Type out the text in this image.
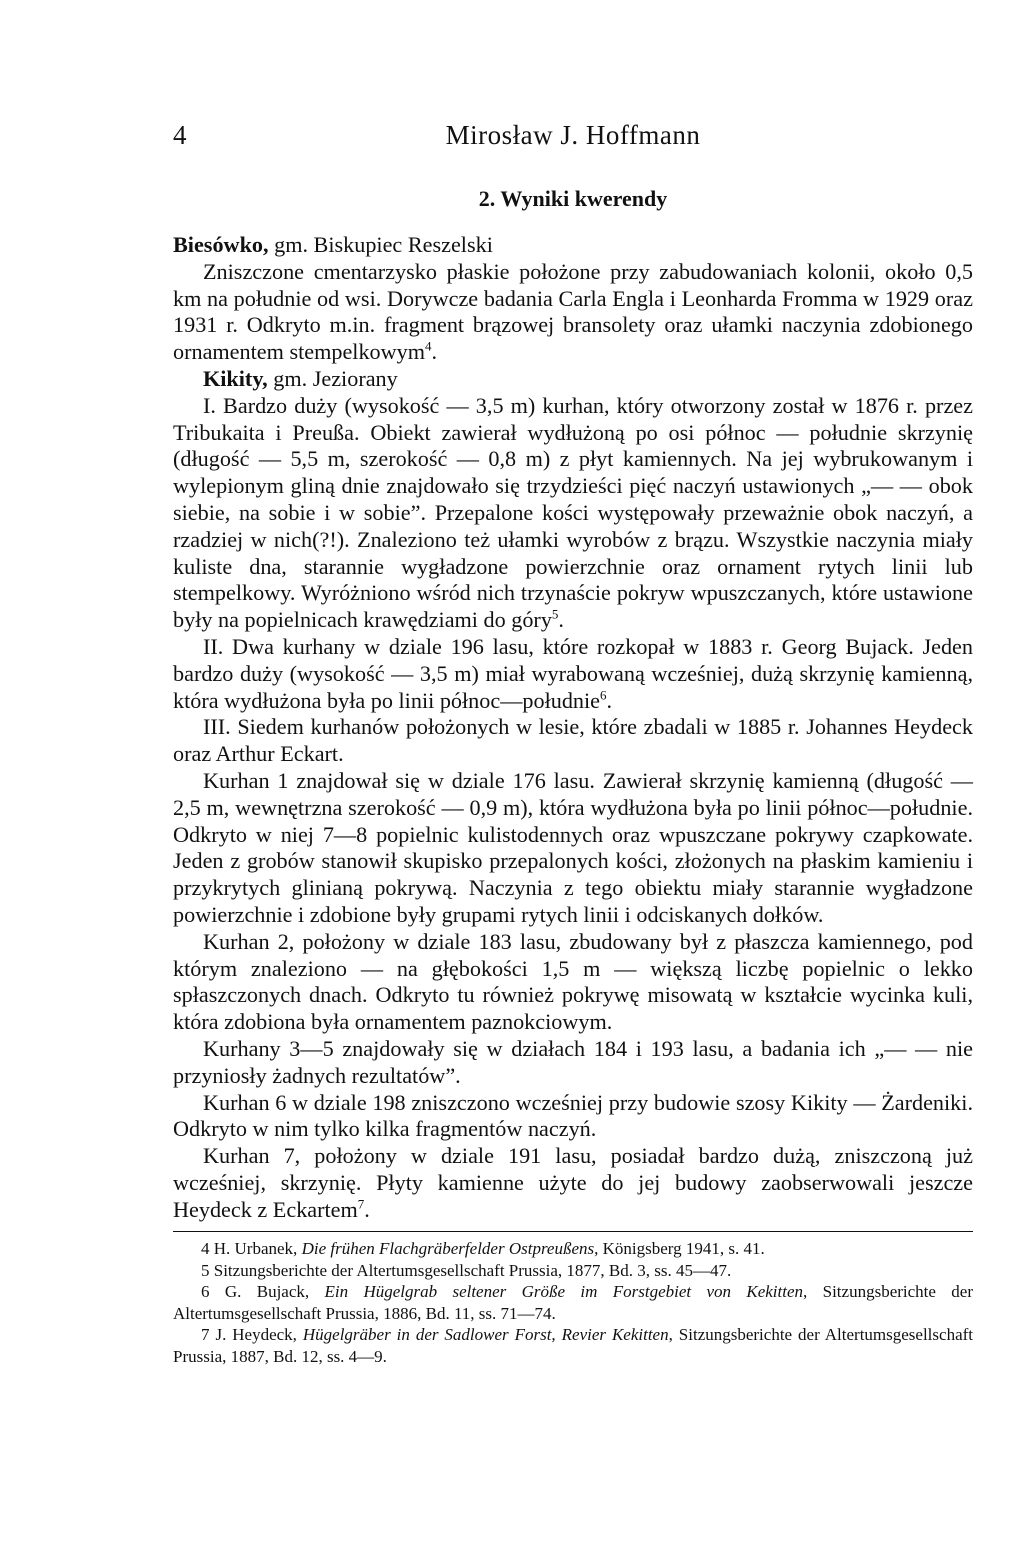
4	Mirosław J. Hoffmann
2. Wyniki kwerendy

Biesówko, gm. Biskupiec Reszelski

Zniszczone cmentarzysko płaskie położone przy zabudowaniach kolonii, około 0,5 km na południe od wsi. Dorywcze badania Carla Engla i Leonharda Fromma w 1929 oraz 1931 r. Odkryto m.in. fragment brązowej bransolety oraz ułamki naczynia zdobionego ornamentem stempelkowym$^4$.

Kikity, gm. Jeziorany

I. Bardzo duży (wysokość — 3,5 m) kurhan, który otworzony został w 1876 r. przez Tribukaita i Preußa. Obiekt zawierał wydłużoną po osi północ — południe skrzynię (długość — 5,5 m, szerokość — 0,8 m) z płyt kamiennych. Na jej wybrukowanym i wylepionym gliną dnie znajdowało się trzydzieści pięć naczyń ustawionych „— — obok siebie, na sobie i w sobie”. Przepalone kości występowały przeważnie obok naczyń, a rzadziej w nich(?!). Znaleziono też ułamki wyrobów z brązu. Wszystkie naczynia miały kuliste dna, starannie wygładzone powierzchnie oraz ornament rytych linii lub stempelkowy. Wyróżniono wśród nich trzynaście pokryw wpuszczanych, które ustawione były na popielnicach krawędziami do góry$^5$.

II. Dwa kurhany w dziale 196 lasu, które rozkopał w 1883 r. Georg Bujack. Jeden bardzo duży (wysokość — 3,5 m) miał wyrabowaną wcześniej, dużą skrzynię kamienną, która wydłużona była po linii północ—południe$^6$.

III. Siedem kurhanów położonych w lesie, które zbadali w 1885 r. Johannes Heydeck oraz Arthur Eckart.

Kurhan 1 znajdował się w dziale 176 lasu. Zawierał skrzynię kamienną (długość — 2,5 m, wewnętrzna szerokość — 0,9 m), która wydłużona była po linii północ—południe. Odkryto w niej 7—8 popielnic kulistodennych oraz wpuszczane pokrywy czapkowate. Jeden z grobów stanowił skupisko przepalonych kości, złożonych na płaskim kamieniu i przykrytych glinianą pokrywą. Naczynia z tego obiektu miały starannie wygładzone powierzchnie i zdobione były grupami rytych linii i odciskanych dołków.

Kurhan 2, położony w dziale 183 lasu, zbudowany był z płaszcza kamiennego, pod którym znaleziono — na głębokości 1,5 m — większą liczbę popielnic o lekko spłaszczonych dnach. Odkryto tu również pokrywę misowatą w kształcie wycinka kuli, która zdobiona była ornamentem paznokciowym.

Kurhany 3—5 znajdowały się w działach 184 i 193 lasu, a badania ich „— — nie przyniosły żadnych rezultatów”.

Kurhan 6 w dziale 198 zniszczono wcześniej przy budowie szosy Kikity — Żardeniki. Odkryto w nim tylko kilka fragmentów naczyń.

Kurhan 7, położony w dziale 191 lasu, posiadał bardzo dużą, zniszczoną już wcześniej, skrzynię. Płyty kamienne użyte do jej budowy zaobserwowali jeszcze Heydeck z Eckartem$^7$.

4 H. Urbanek, Die frühen Flachgräberfelder Ostpreußens, Königsberg 1941, s. 41.

5 Sitzungsberichte der Altertumsgesellschaft Prussia, 1877, Bd. 3, ss. 45—47.

6 G. Bujack, Ein Hügelgrab seltener Größe im Forstgebiet von Kekitten, Sitzungsberichte der Altertumsgesellschaft Prussia, 1886, Bd. 11, ss. 71—74.

7 J. Heydeck, Hügelgräber in der Sadlower Forst, Revier Kekitten, Sitzungsberichte der Altertumsgesellschaft Prussia, 1887, Bd. 12, ss. 4—9.
